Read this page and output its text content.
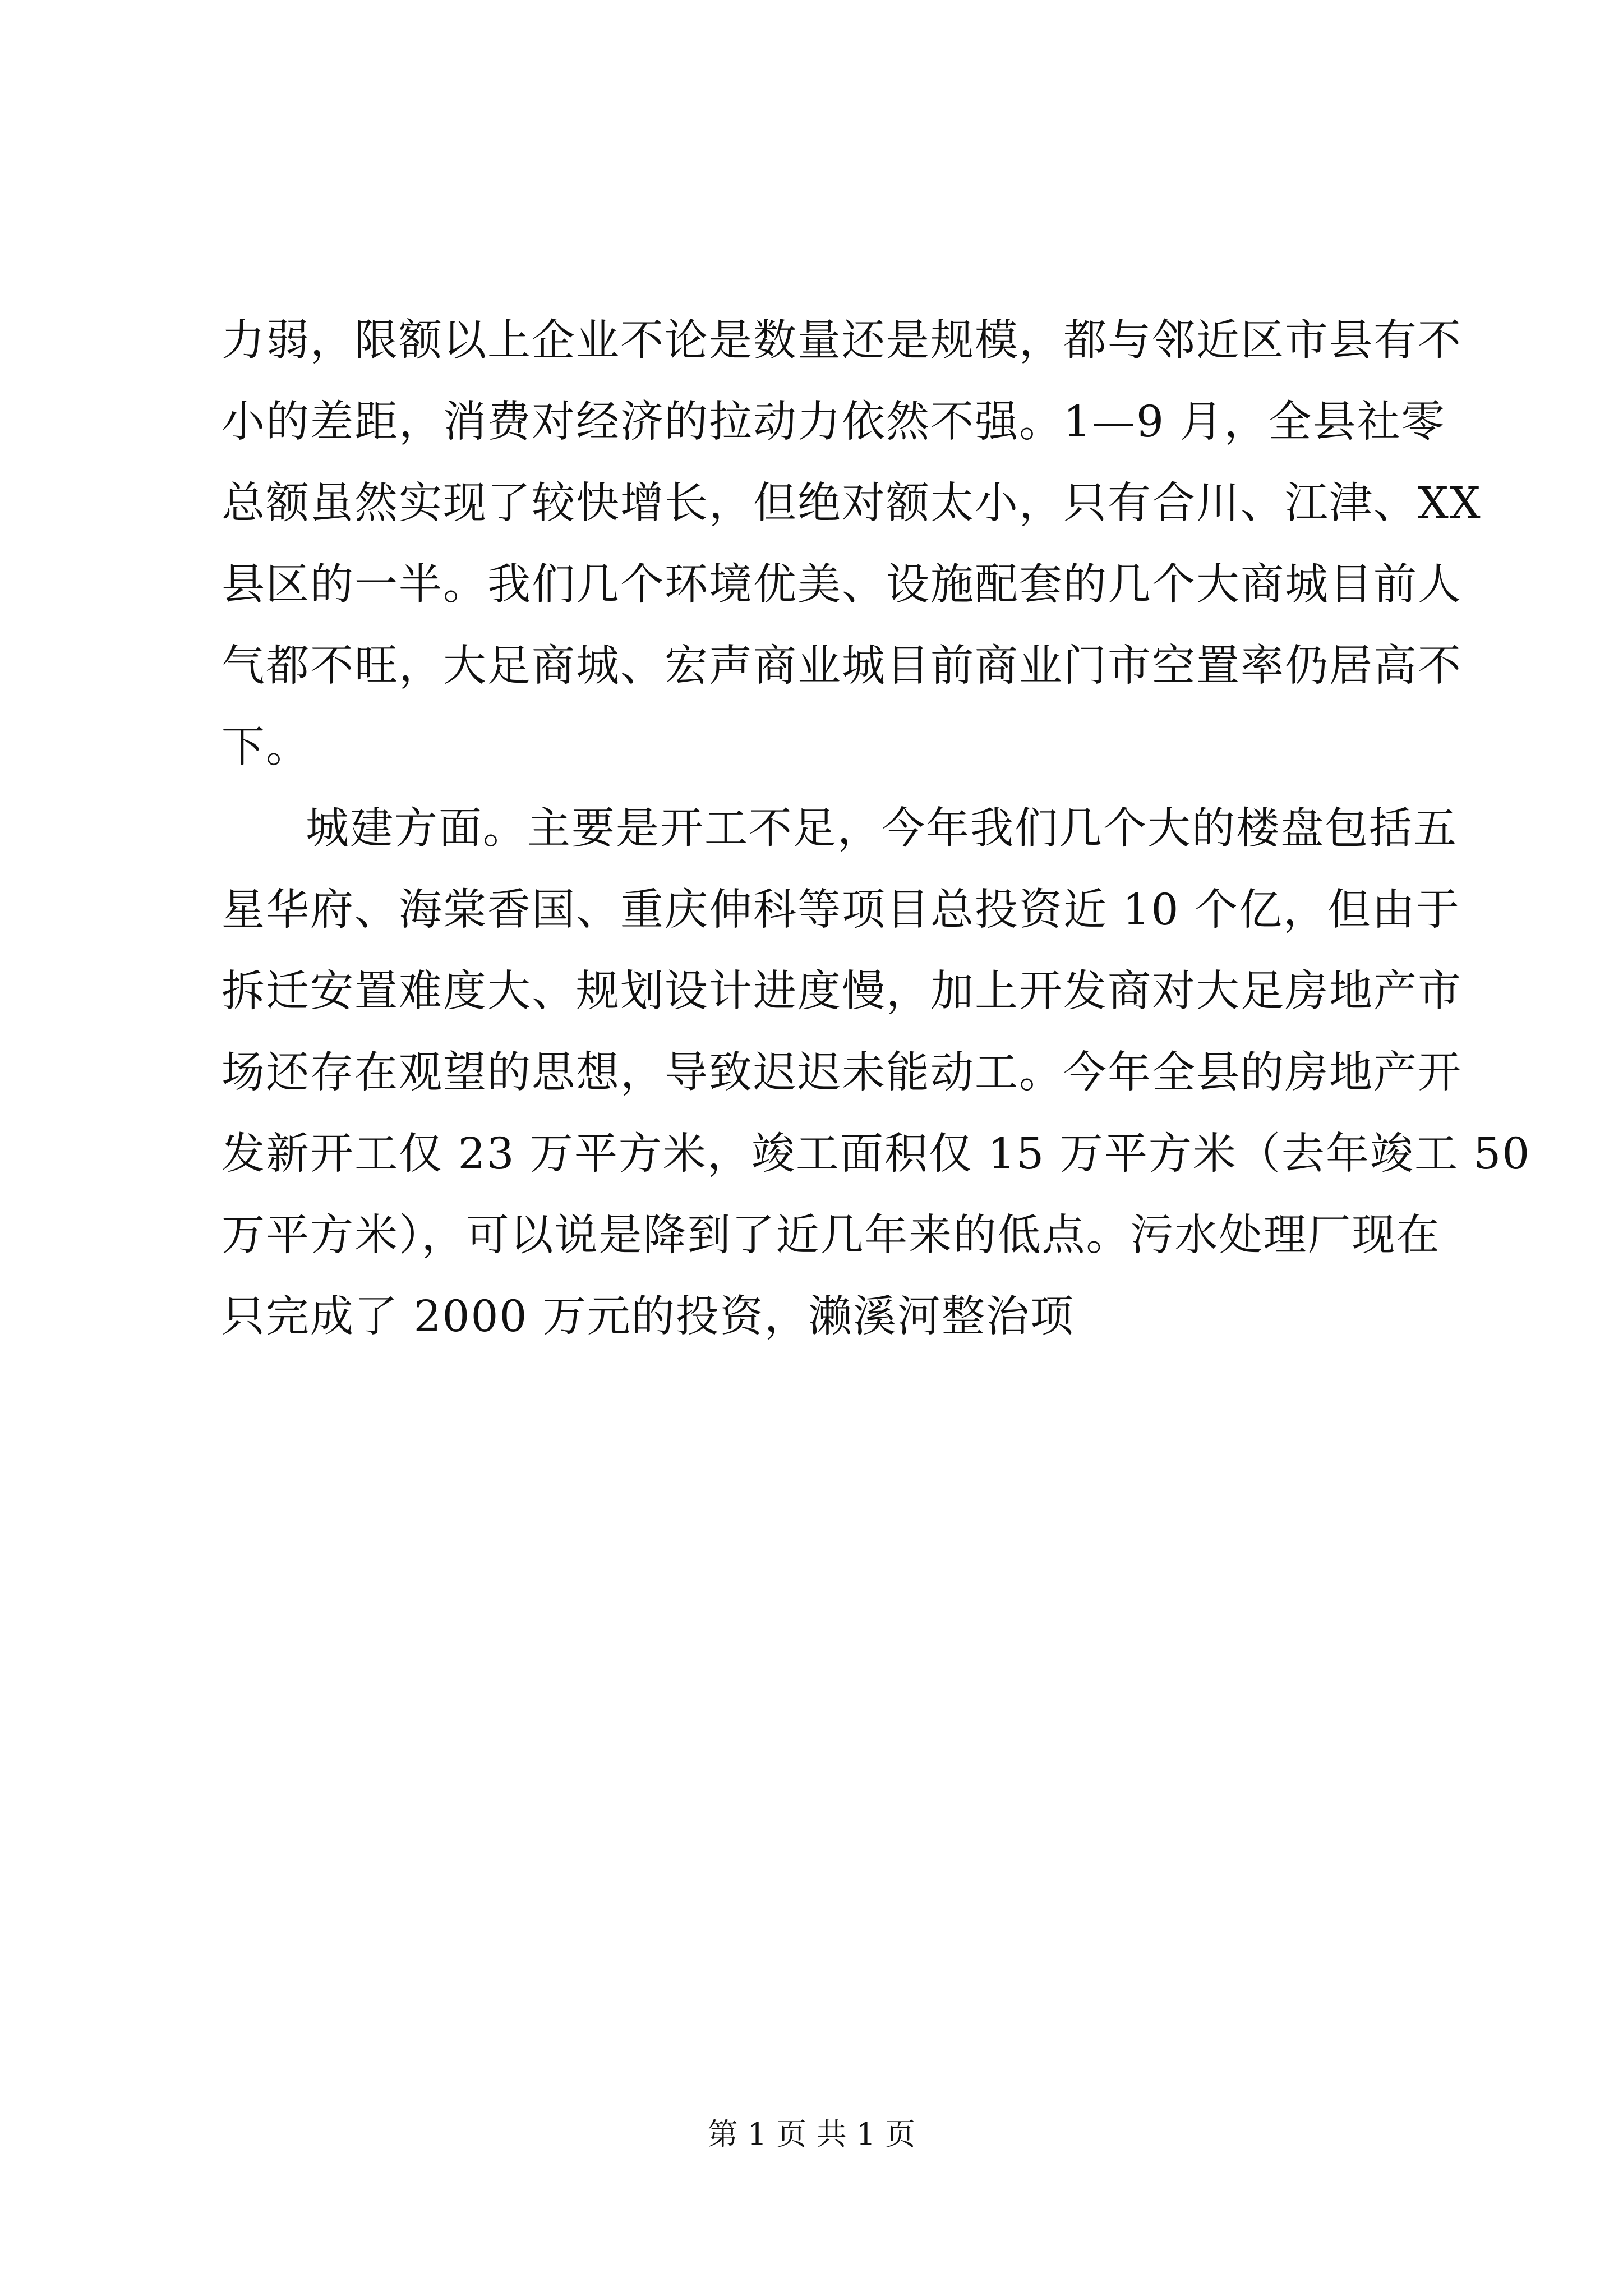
力弱，限额以上企业不论是数量还是规模，都与邻近区市县有不
小的差距，消费对经济的拉动力依然不强。1—9 月，全县社零
总额虽然实现了较快增长，但绝对额太小，只有合川、江津、XX
县区的一半。我们几个环境优美、设施配套的几个大商城目前人
气都不旺，大足商城、宏声商业城目前商业门市空置率仍居高不
下。
城建方面。主要是开工不足，今年我们几个大的楼盘包括五
星华府、海棠香国、重庆伸科等项目总投资近 10 个亿，但由于
拆迁安置难度大、规划设计进度慢，加上开发商对大足房地产市
场还存在观望的思想，导致迟迟未能动工。今年全县的房地产开
发新开工仅 23 万平方米，竣工面积仅 15 万平方米（去年竣工 50
万平方米），可以说是降到了近几年来的低点。污水处理厂现在
只完成了 2000 万元的投资，濑溪河整治项
第 1 页 共 1 页
